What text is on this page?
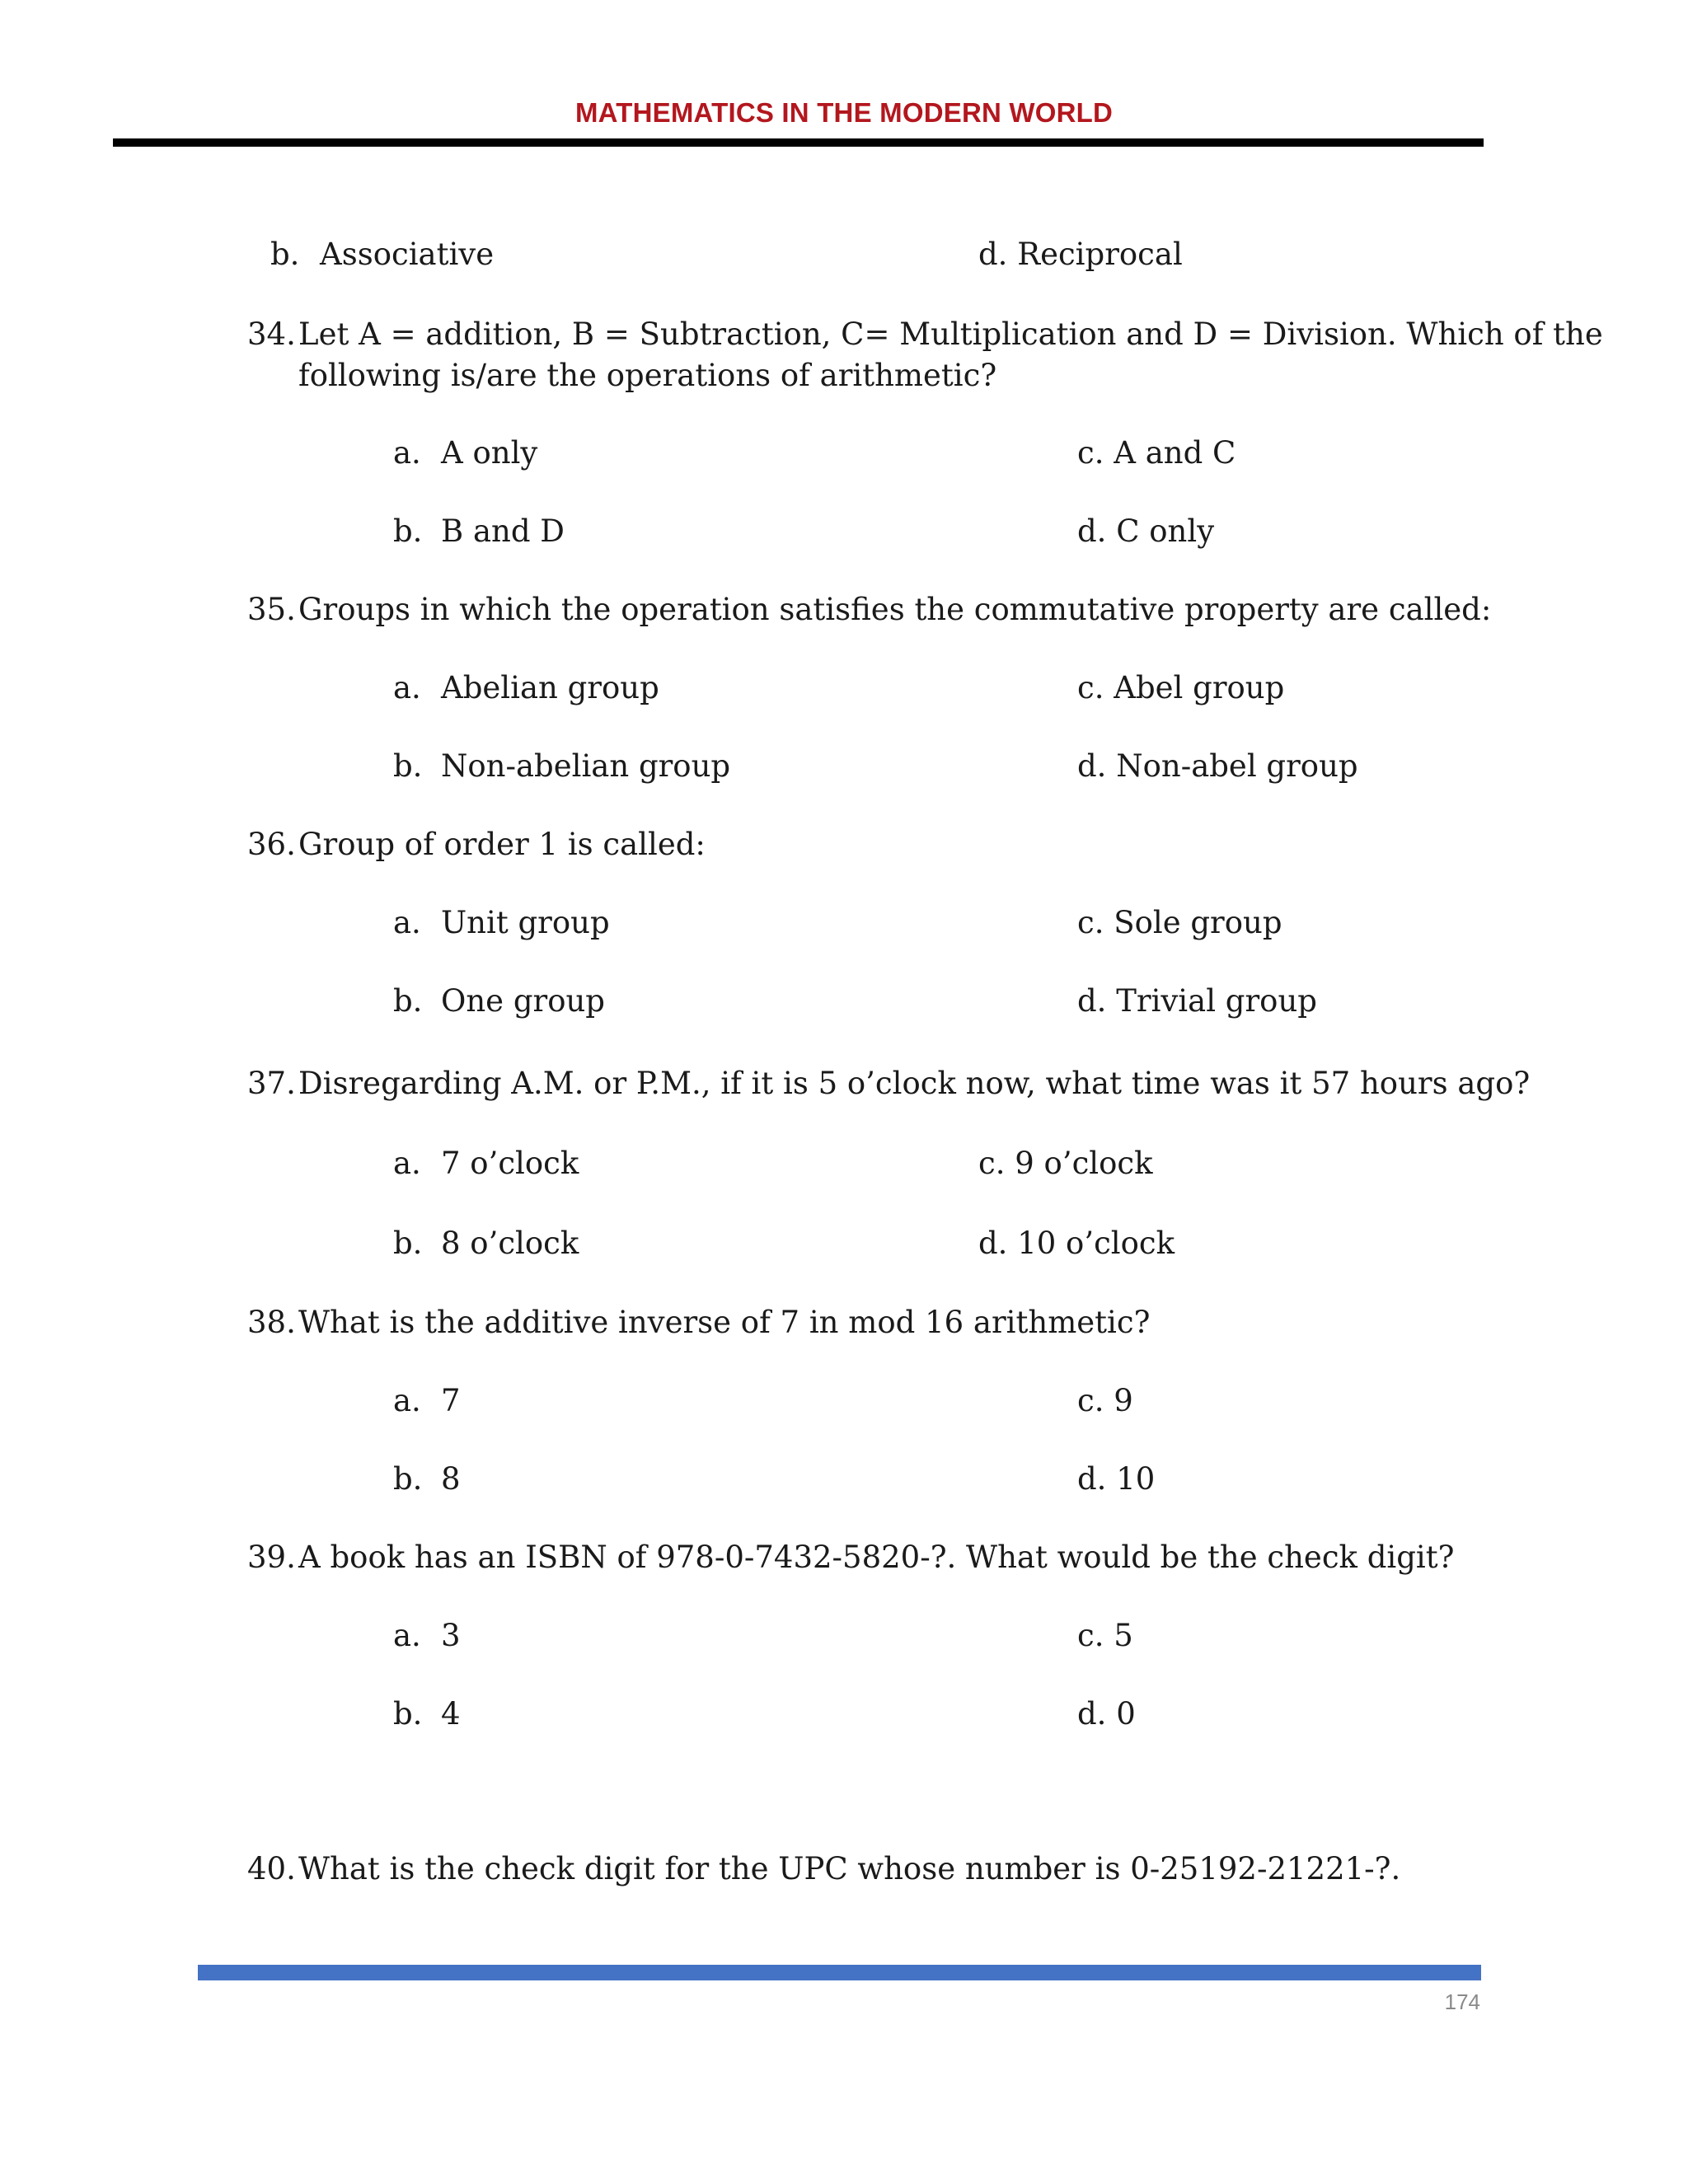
MATHEMATICS IN THE MODERN WORLD
b. Associative	d. Reciprocal
34. Let A = addition, B = Subtraction, C= Multiplication and D = Division. Which of the
following is/are the operations of arithmetic?
a. A only	c. A and C
b. B and D	d. C only
35. Groups in which the operation satisfies the commutative property are called:
a. Abelian group	c. Abel group
b. Non-abelian group	d. Non-abel group
36. Group of order 1 is called:
a. Unit group	c. Sole group
b. One group	d. Trivial group
37. Disregarding A.M. or P.M., if it is 5 o’clock now, what time was it 57 hours ago?
a. 7 o’clock	c. 9 o’clock
b. 8 o’clock	d. 10 o’clock
38. What is the additive inverse of 7 in mod 16 arithmetic?
a. 7	c. 9
b. 8	d. 10
39. A book has an ISBN of 978-0-7432-5820-?. What would be the check digit?
a. 3	c. 5
b. 4	d. 0
40. What is the check digit for the UPC whose number is 0-25192-21221-?.
174
